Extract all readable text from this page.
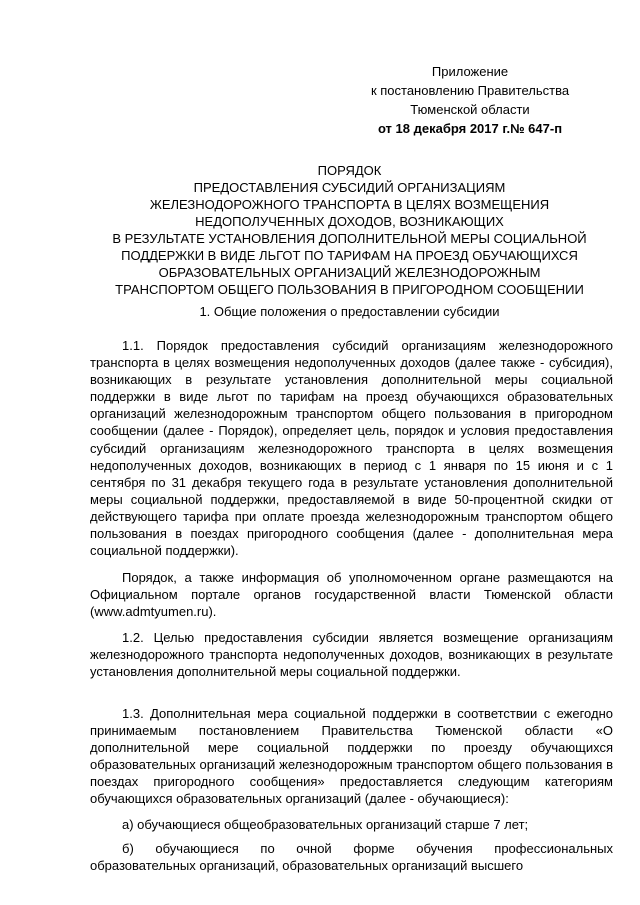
Приложение
к постановлению Правительства
Тюменской области
от 18 декабря 2017 г.№ 647-п
ПОРЯДОК
ПРЕДОСТАВЛЕНИЯ СУБСИДИЙ ОРГАНИЗАЦИЯМ
ЖЕЛЕЗНОДОРОЖНОГО ТРАНСПОРТА В ЦЕЛЯХ ВОЗМЕЩЕНИЯ
НЕДОПОЛУЧЕННЫХ ДОХОДОВ, ВОЗНИКАЮЩИХ
В РЕЗУЛЬТАТЕ УСТАНОВЛЕНИЯ ДОПОЛНИТЕЛЬНОЙ МЕРЫ СОЦИАЛЬНОЙ
ПОДДЕРЖКИ В ВИДЕ ЛЬГОТ ПО ТАРИФАМ НА ПРОЕЗД ОБУЧАЮЩИХСЯ
ОБРАЗОВАТЕЛЬНЫХ ОРГАНИЗАЦИЙ ЖЕЛЕЗНОДОРОЖНЫМ
ТРАНСПОРТОМ ОБЩЕГО ПОЛЬЗОВАНИЯ В ПРИГОРОДНОМ СООБЩЕНИИ
1. Общие положения о предоставлении субсидии

1.1. Порядок предоставления субсидий организациям железнодорожного транспорта в целях возмещения недополученных доходов (далее также - субсидия), возникающих в результате установления дополнительной меры социальной поддержки в виде льгот по тарифам на проезд обучающихся образовательных организаций железнодорожным транспортом общего пользования в пригородном сообщении (далее - Порядок), определяет цель, порядок и условия предоставления субсидий организациям железнодорожного транспорта в целях возмещения недополученных доходов, возникающих в период с 1 января по 15 июня и с 1 сентября по 31 декабря текущего года в результате установления дополнительной меры социальной поддержки, предоставляемой в виде 50-процентной скидки от действующего тарифа при оплате проезда железнодорожным транспортом общего пользования в поездах пригородного сообщения (далее - дополнительная мера социальной поддержки).

Порядок, а также информация об уполномоченном органе размещаются на Официальном портале органов государственной власти Тюменской области (www.admtyumen.ru).

1.2. Целью предоставления субсидии является возмещение организациям железнодорожного транспорта недополученных доходов, возникающих в результате установления дополнительной меры социальной поддержки.

1.3. Дополнительная мера социальной поддержки в соответствии с ежегодно принимаемым постановлением Правительства Тюменской области «О дополнительной мере социальной поддержки по проезду обучающихся образовательных организаций железнодорожным транспортом общего пользования в поездах пригородного сообщения» предоставляется следующим категориям обучающихся образовательных организаций (далее - обучающиеся):

а) обучающиеся общеобразовательных организаций старше 7 лет;

б) обучающиеся по очной форме обучения профессиональных образовательных организаций, образовательных организаций высшего
